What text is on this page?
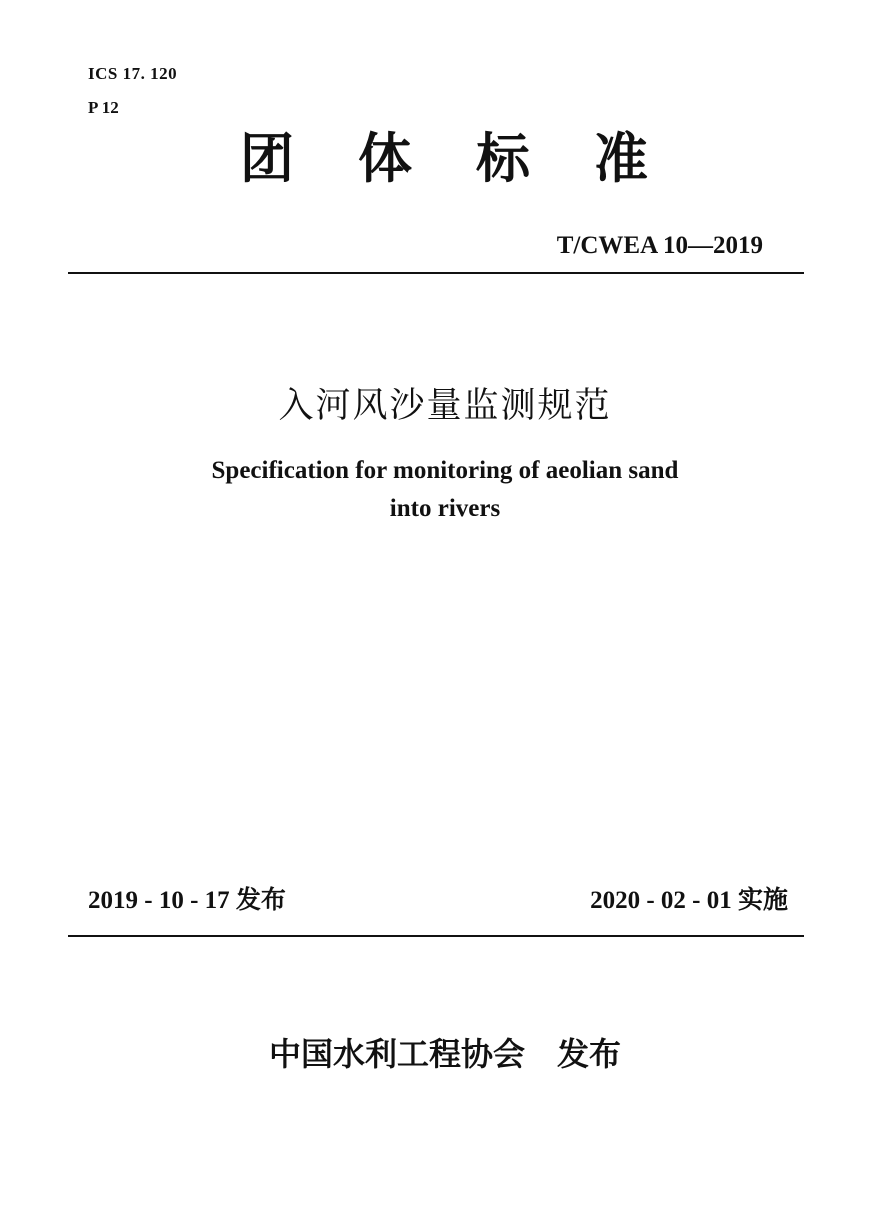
ICS 17. 120
P 12
团体标准
T/CWEA 10—2019
入河风沙量监测规范
Specification for monitoring of aeolian sand into rivers
2019 - 10 - 17 发布	2020 - 02 - 01 实施
中国水利工程协会　发布
